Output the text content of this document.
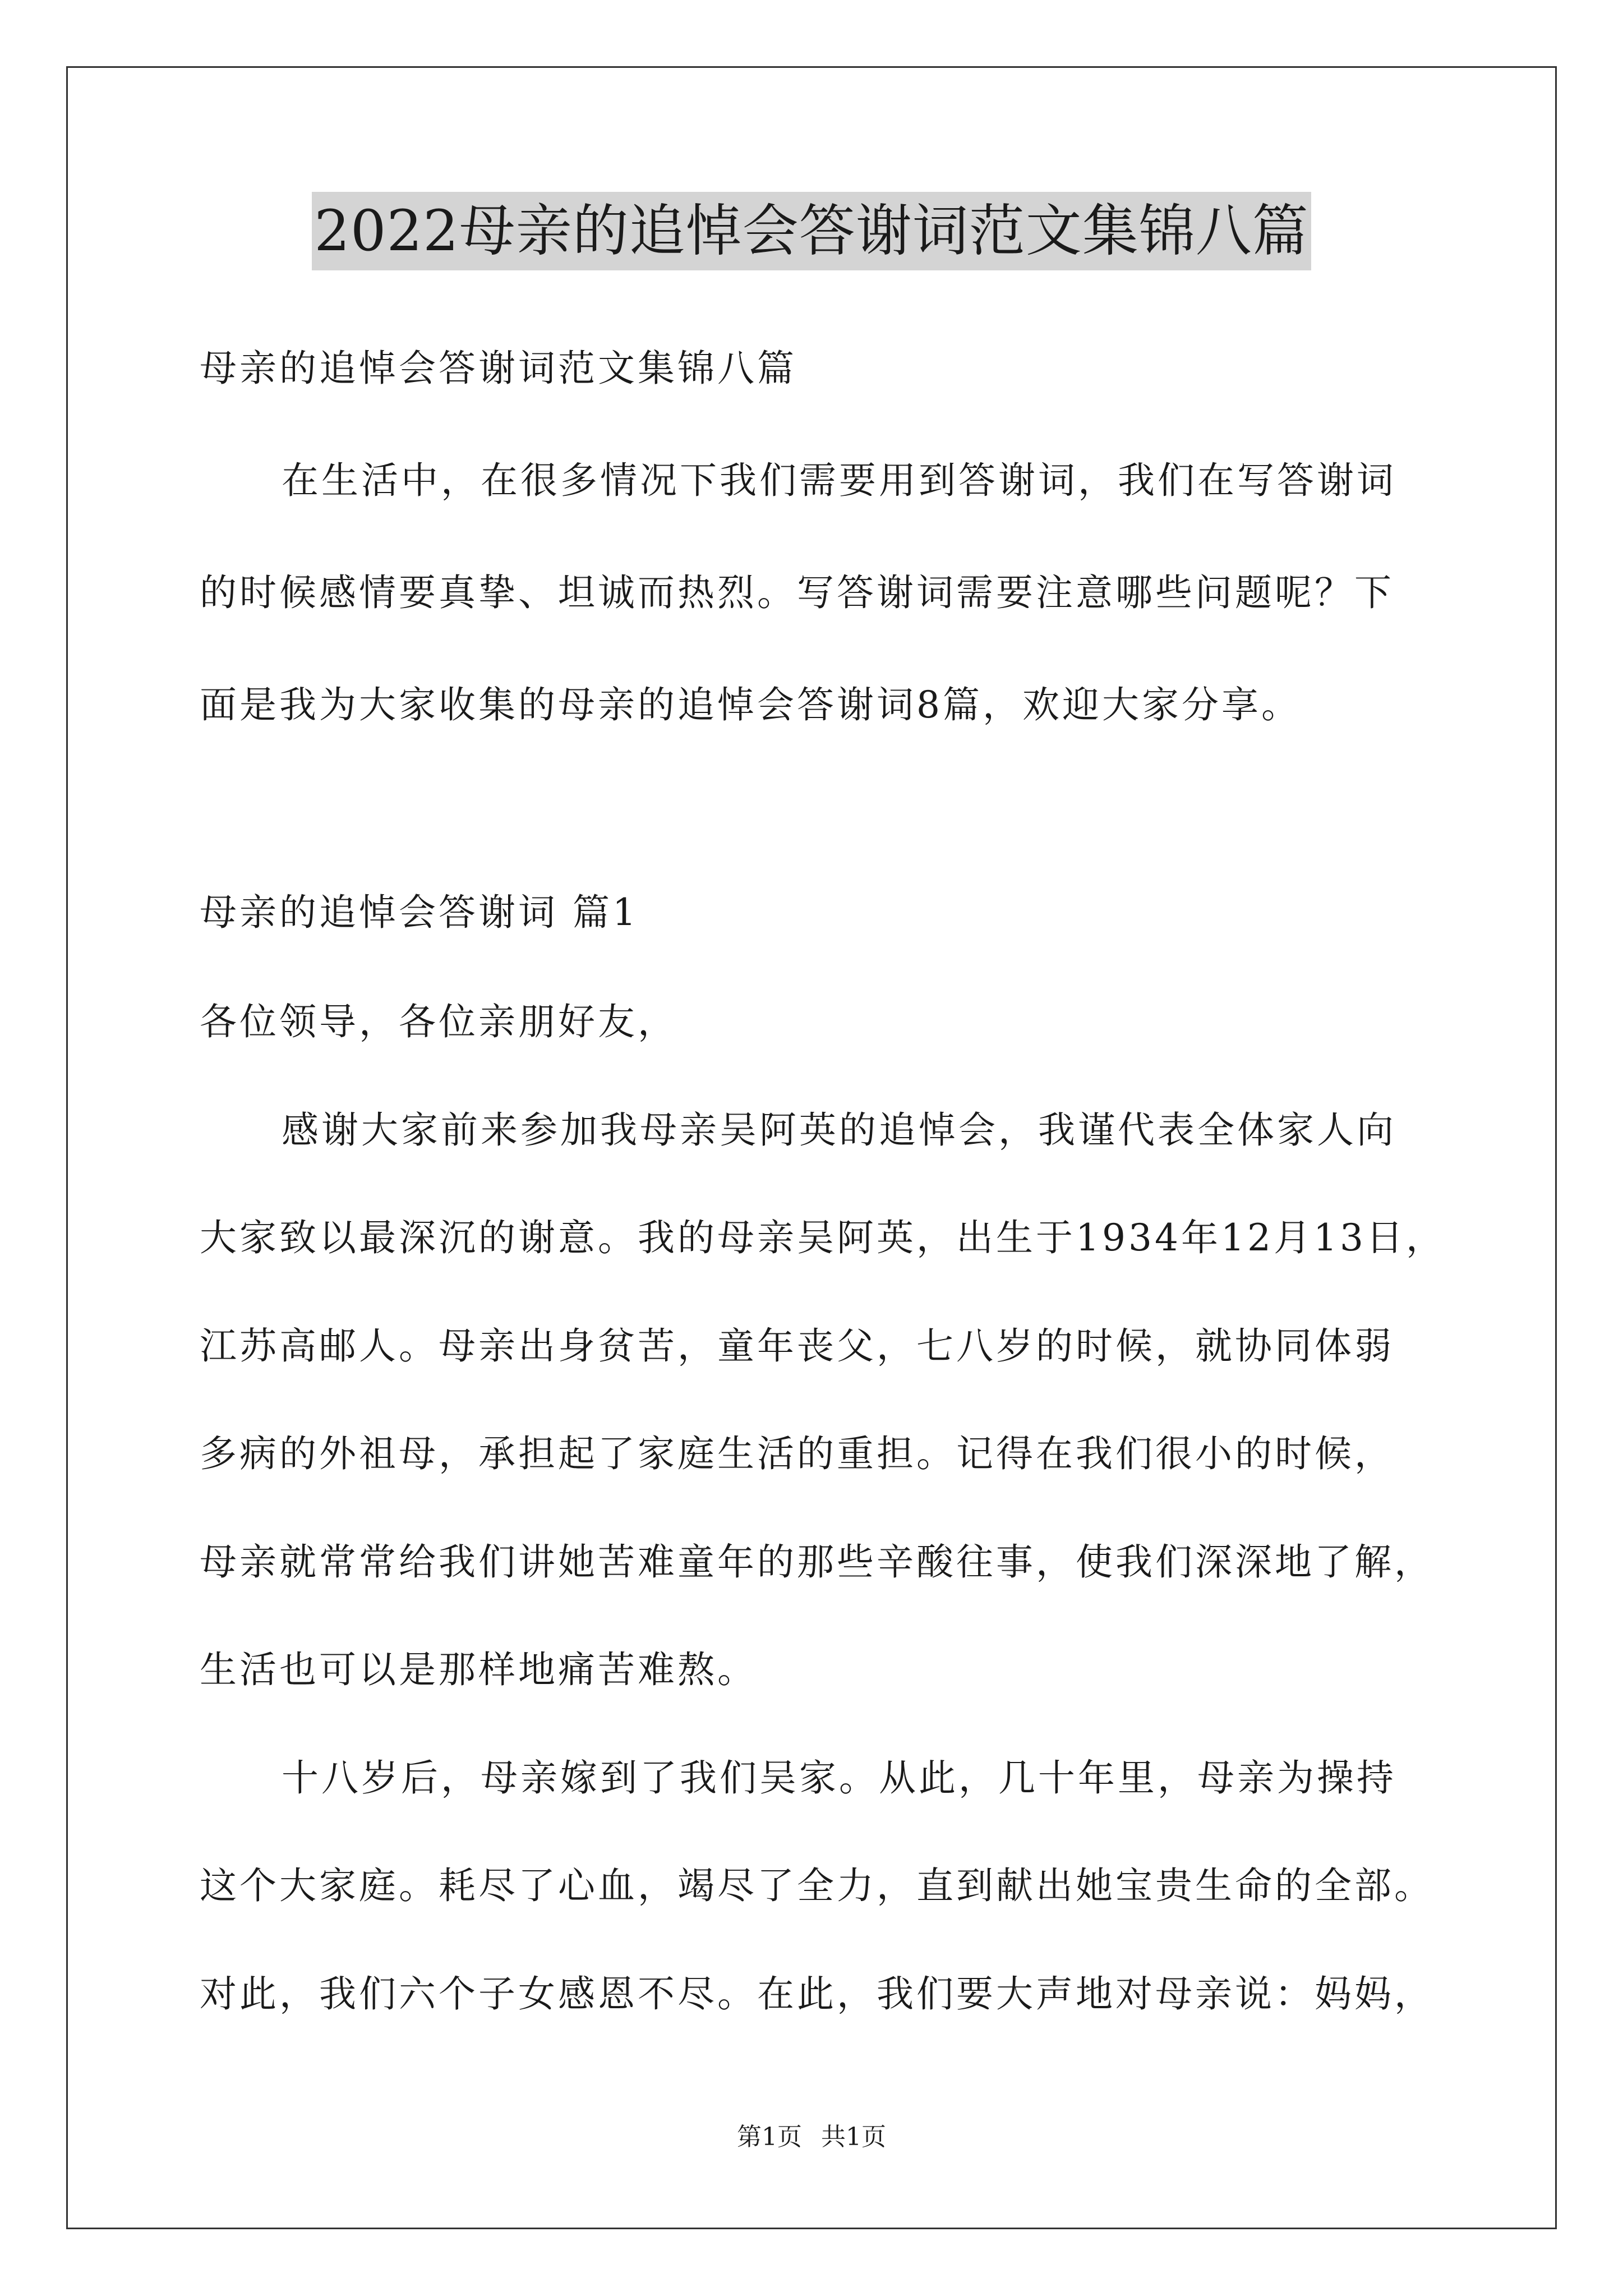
2022母亲的追悼会答谢词范文集锦八篇
母亲的追悼会答谢词范文集锦八篇
在生活中，在很多情况下我们需要用到答谢词，我们在写答谢词
的时候感情要真挚、坦诚而热烈。写答谢词需要注意哪些问题呢？下
面是我为大家收集的母亲的追悼会答谢词8篇，欢迎大家分享。
母亲的追悼会答谢词 篇1
各位领导，各位亲朋好友，
感谢大家前来参加我母亲吴阿英的追悼会，我谨代表全体家人向
大家致以最深沉的谢意。我的母亲吴阿英，出生于1934年12月13日，
江苏高邮人。母亲出身贫苦，童年丧父，七八岁的时候，就协同体弱
多病的外祖母，承担起了家庭生活的重担。记得在我们很小的时候，
母亲就常常给我们讲她苦难童年的那些辛酸往事，使我们深深地了解，
生活也可以是那样地痛苦难熬。
十八岁后，母亲嫁到了我们吴家。从此，几十年里，母亲为操持
这个大家庭。耗尽了心血，竭尽了全力，直到献出她宝贵生命的全部。
对此，我们六个子女感恩不尽。在此，我们要大声地对母亲说：妈妈，
第1页 共1页
